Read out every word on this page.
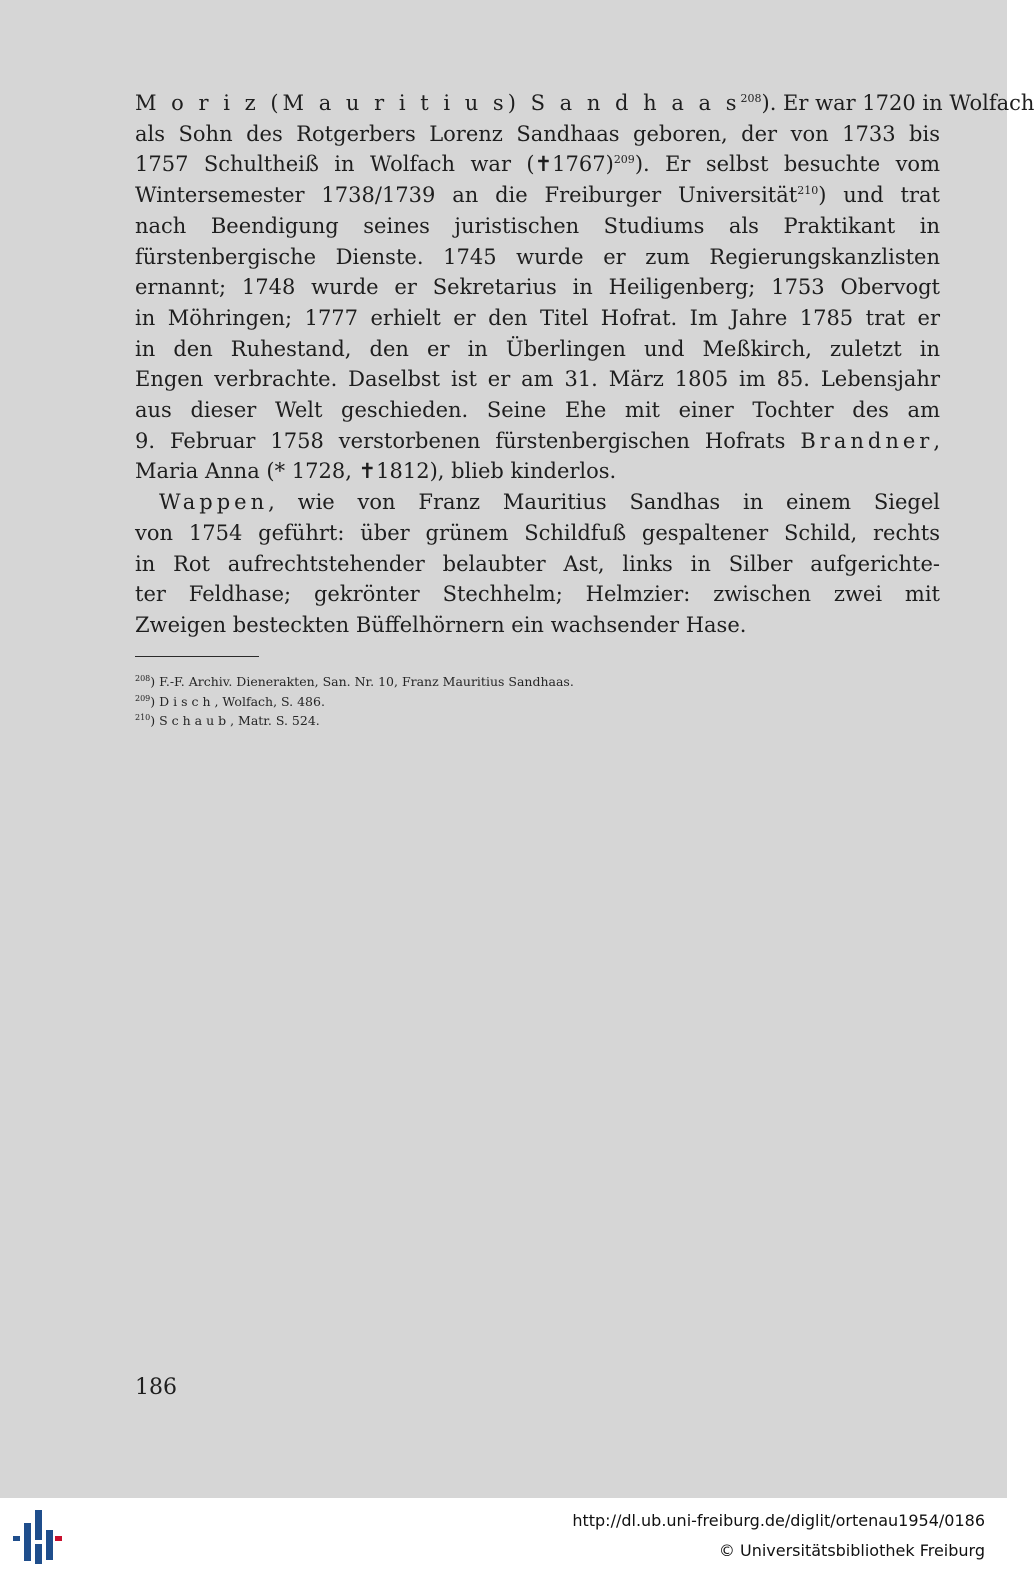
M o r i z (M a u r i t i u s) S a n d h a a $s^{208}$). Er war 1720 in Wolfach
als Sohn des Rotgerbers Lorenz Sandhaas geboren, der von 1733 bis
1757 Schultheiß in Wolfach war (✝1767)$^{209}$). Er selbst besuchte vom
Wintersemester 1738/1739 an die Freiburger Universität$^{210}$) und trat
nach Beendigung seines juristischen Studiums als Praktikant in
fürstenbergische Dienste. 1745 wurde er zum Regierungskanzlisten
ernannt; 1748 wurde er Sekretarius in Heiligenberg; 1753 Obervogt
in Möhringen; 1777 erhielt er den Titel Hofrat. Im Jahre 1785 trat er
in den Ruhestand, den er in Überlingen und Meßkirch, zuletzt in
Engen verbrachte. Daselbst ist er am 31. März 1805 im 85. Lebensjahr
aus dieser Welt geschieden. Seine Ehe mit einer Tochter des am
9. Februar 1758 verstorbenen fürstenbergischen Hofrats Brandner,
Maria Anna (* 1728, ✝1812), blieb kinderlos.
Wappen, wie von Franz Mauritius Sandhas in einem Siegel
von 1754 geführt: über grünem Schildfuß gespaltener Schild, rechts
in Rot aufrechtstehender belaubter Ast, links in Silber aufgerichte-
ter Feldhase; gekrönter Stechhelm; Helmzier: zwischen zwei mit
Zweigen besteckten Büffelhörnern ein wachsender Hase.
$^{208}$) F.-F. Archiv. Dienerakten, San. Nr. 10, Franz Mauritius Sandhaas.
$^{209}$) D i s c h , Wolfach, S. 486.
$^{210}$) S c h a u b , Matr. S. 524.
186
http://dl.ub.uni-freiburg.de/diglit/ortenau1954/0186
© Universitätsbibliothek Freiburg
